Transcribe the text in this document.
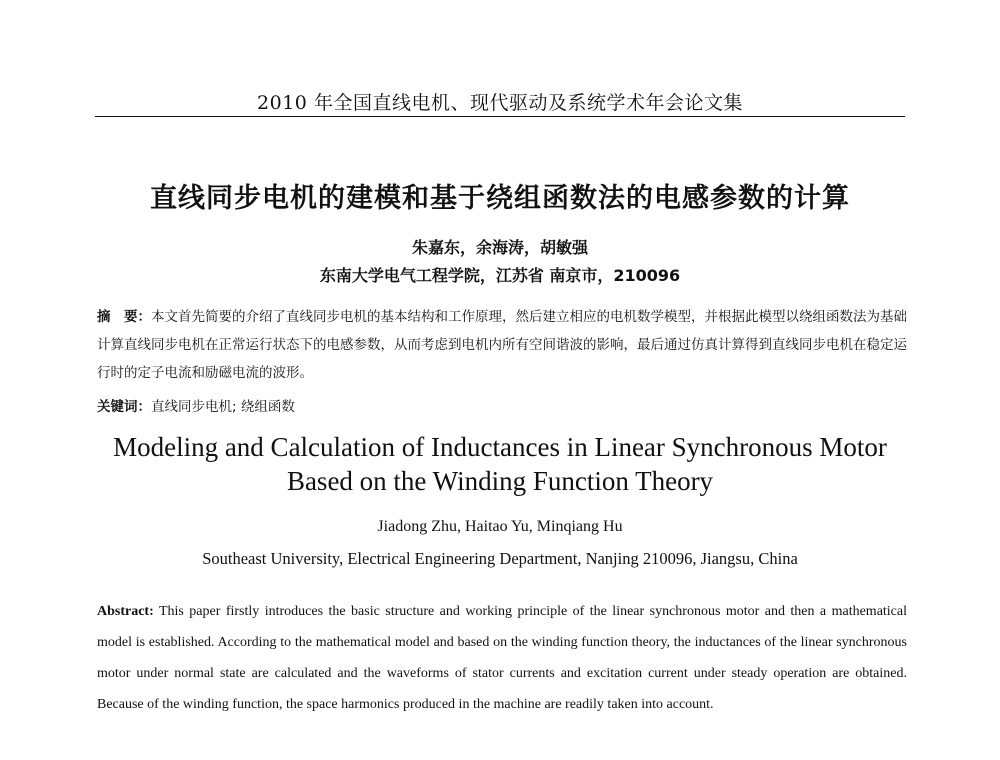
2010 年全国直线电机、现代驱动及系统学术年会论文集
直线同步电机的建模和基于绕组函数法的电感参数的计算
朱嘉东，余海涛，胡敏强
东南大学电气工程学院，江苏省 南京市，210096
摘　要：本文首先简要的介绍了直线同步电机的基本结构和工作原理，然后建立相应的电机数学模型，并根据此模型以绕组函数法为基础计算直线同步电机在正常运行状态下的电感参数，从而考虑到电机内所有空间谐波的影响，最后通过仿真计算得到直线同步电机在稳定运行时的定子电流和励磁电流的波形。
关键词：直线同步电机; 绕组函数
Modeling and Calculation of Inductances in Linear Synchronous Motor
Based on the Winding Function Theory
Jiadong Zhu, Haitao Yu, Minqiang Hu
Southeast University, Electrical Engineering Department, Nanjing 210096, Jiangsu, China
Abstract: This paper firstly introduces the basic structure and working principle of the linear synchronous motor and then a mathematical model is established. According to the mathematical model and based on the winding function theory, the inductances of the linear synchronous motor under normal state are calculated and the waveforms of stator currents and excitation current under steady operation are obtained. Because of the winding function, the space harmonics produced in the machine are readily taken into account.
